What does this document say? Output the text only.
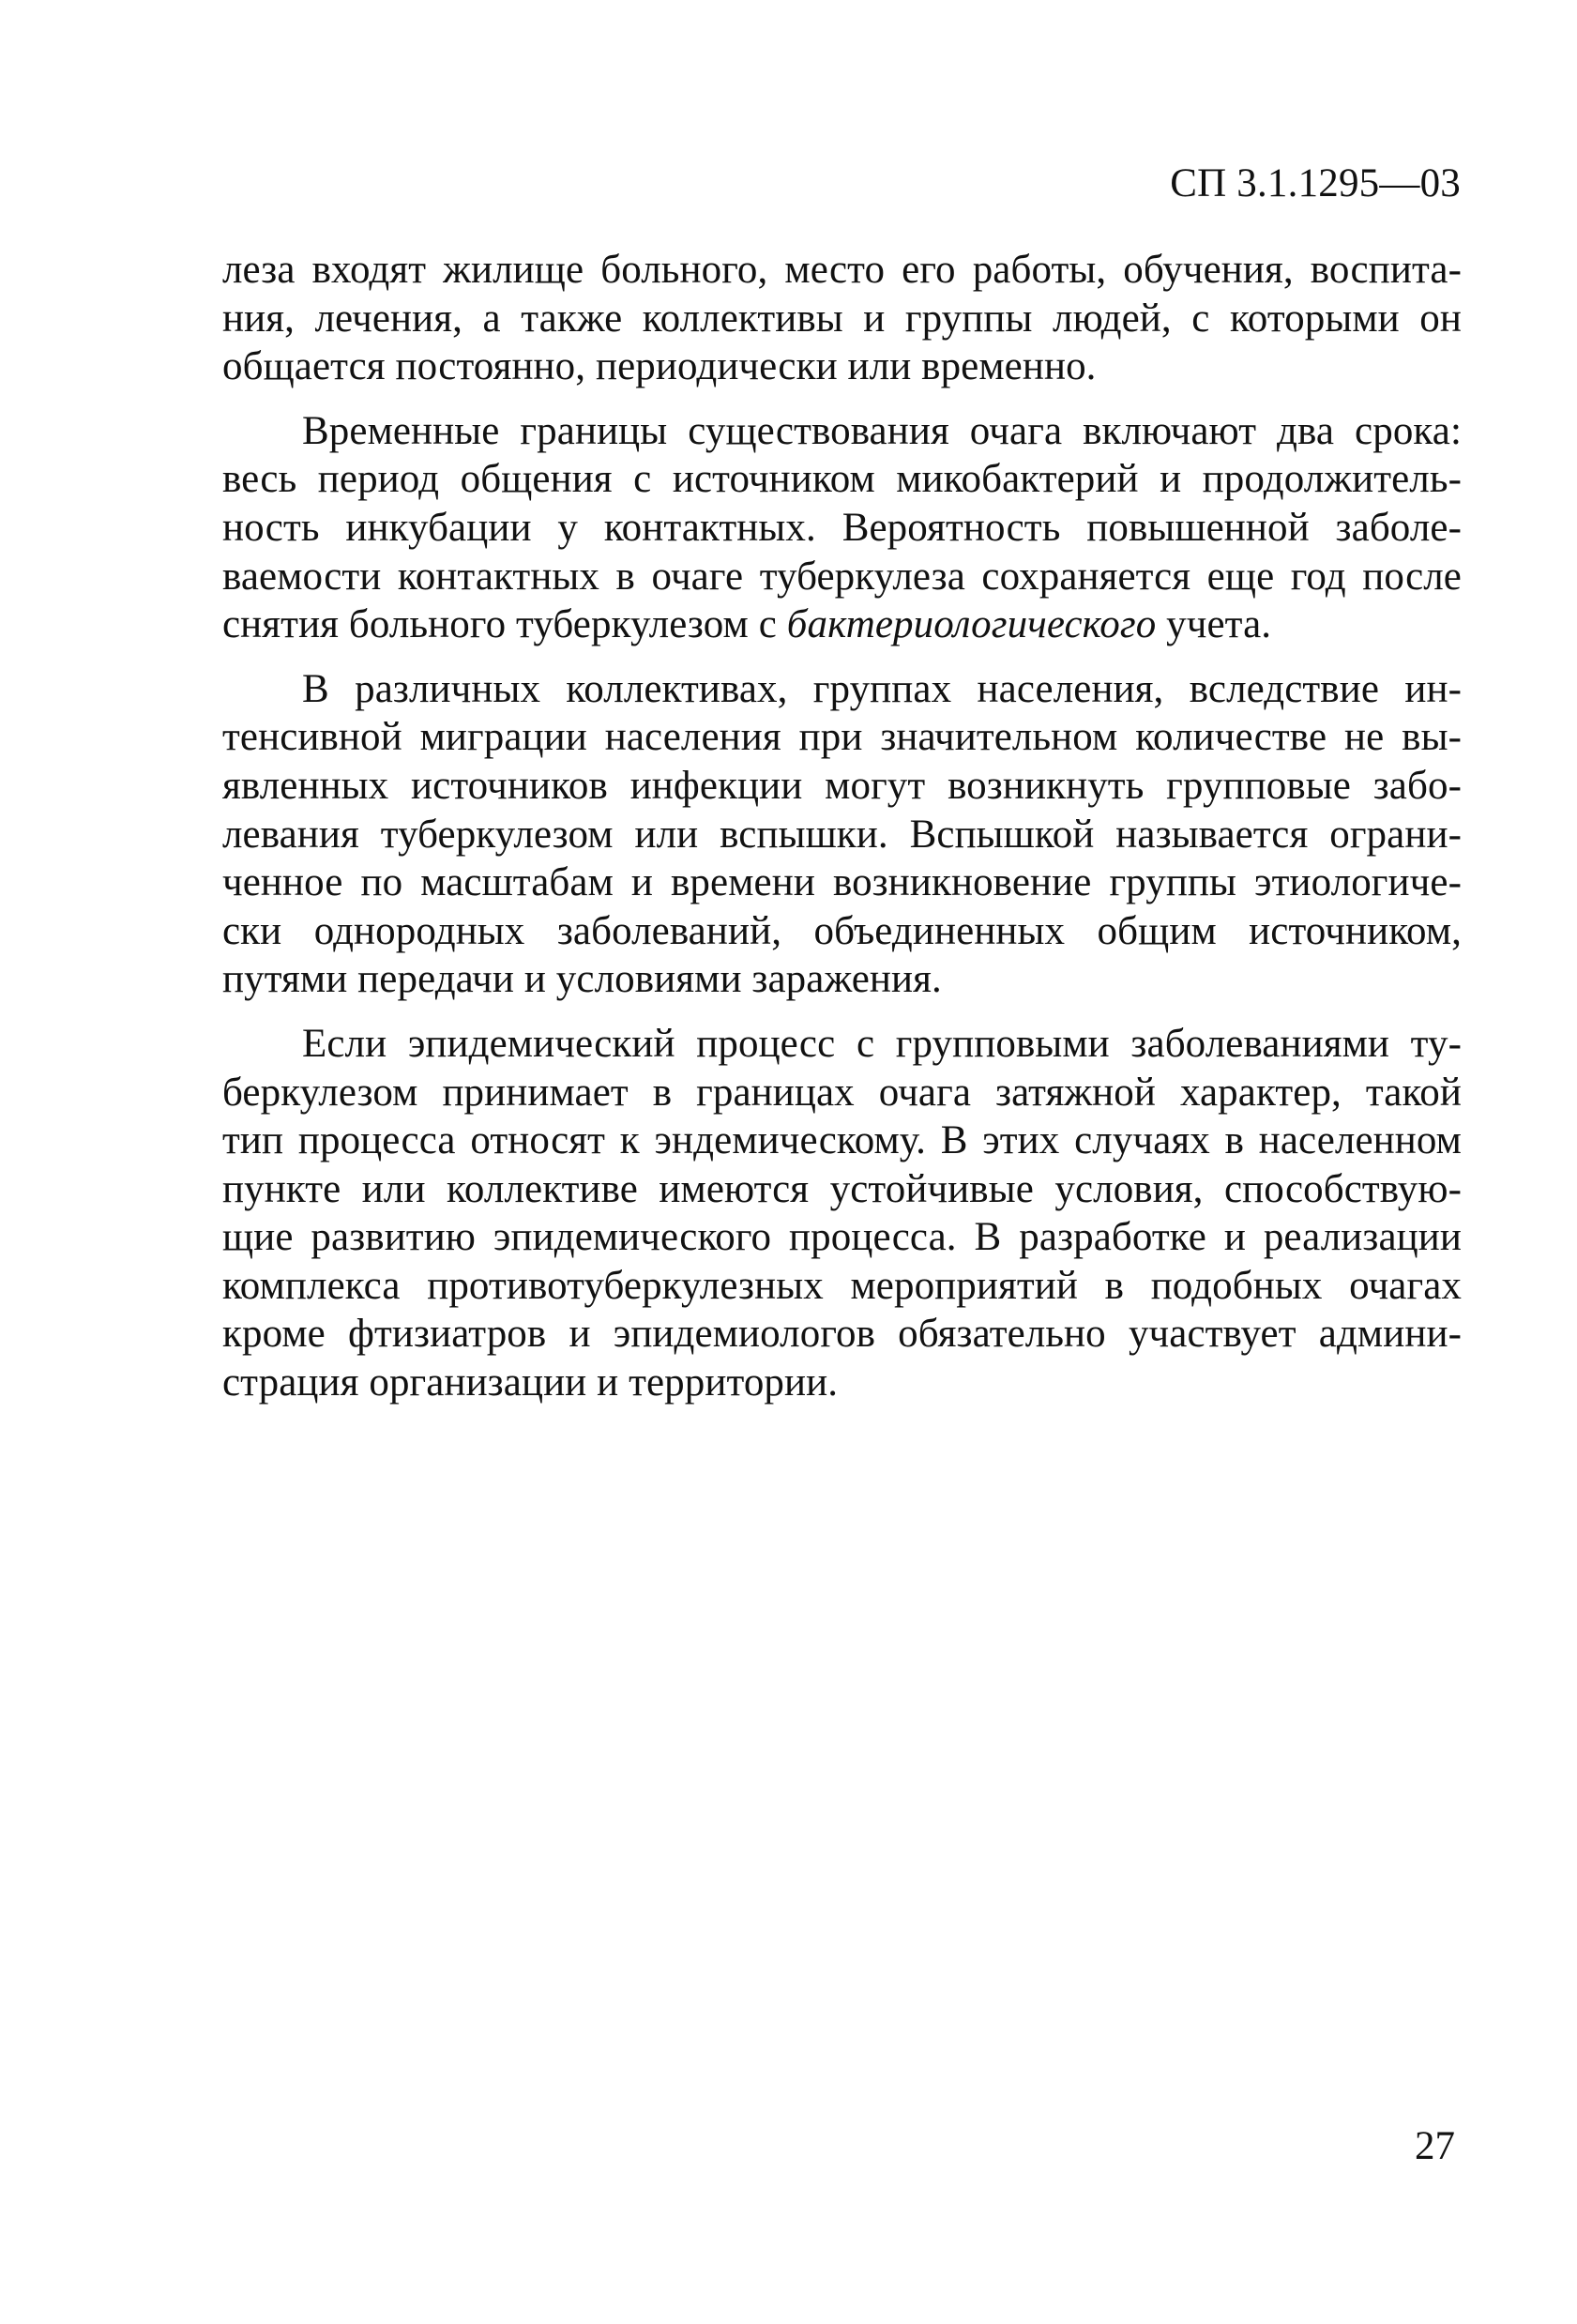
СП 3.1.1295—03
леза входят жилище больного, место его работы, обучения, воспита-
ния, лечения, а также коллективы и группы людей, с которыми он
общается постоянно, периодически или временно.
Временные границы существования очага включают два срока:
весь период общения с источником микобактерий и продолжитель-
ность инкубации у контактных. Вероятность повышенной заболе-
ваемости контактных в очаге туберкулеза сохраняется еще год после
снятия больного туберкулезом с бактериологического учета.
В различных коллективах, группах населения, вследствие ин-
тенсивной миграции населения при значительном количестве не вы-
явленных источников инфекции могут возникнуть групповые забо-
левания туберкулезом или вспышки. Вспышкой называется ограни-
ченное по масштабам и времени возникновение группы этиологиче-
ски однородных заболеваний, объединенных общим источником,
путями передачи и условиями заражения.
Если эпидемический процесс с групповыми заболеваниями ту-
беркулезом принимает в границах очага затяжной характер, такой
тип процесса относят к эндемическому. В этих случаях в населенном
пункте или коллективе имеются устойчивые условия, способствую-
щие развитию эпидемического процесса. В разработке и реализации
комплекса противотуберкулезных мероприятий в подобных очагах
кроме фтизиатров и эпидемиологов обязательно участвует админи-
страция организации и территории.
27
